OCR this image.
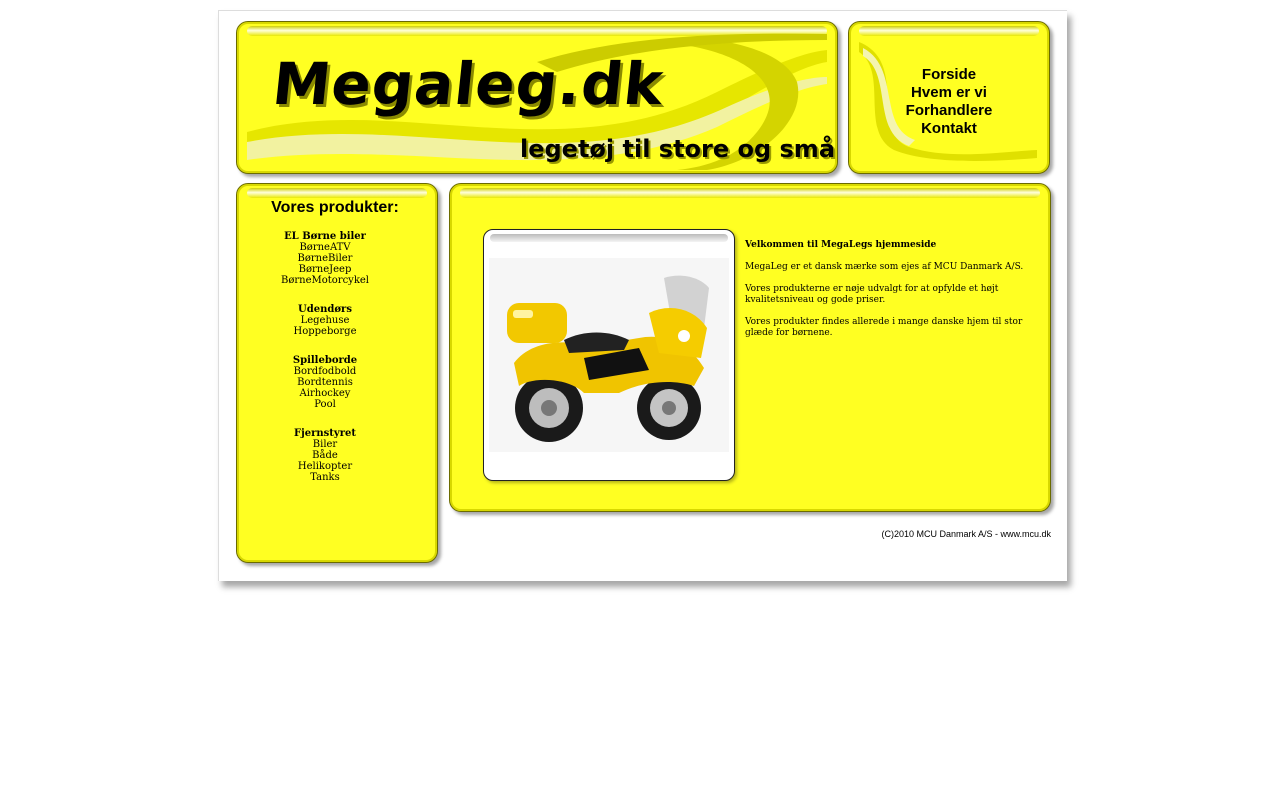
Megaleg.dk
legetøj til store og små
Forside
Hvem er vi
Forhandlere
Kontakt
Vores produkter:
EL Børne biler
BørneATV
BørneBiler
BørneJeep
BørneMotorcykel
Udendørs
Legehuse
Hoppeborge
Spilleborde
Bordfodbold
Bordtennis
Airhockey
Pool
Fjernstyret
Biler
Både
Helikopter
Tanks

Velkommen til MegaLegs hjemmeside

MegaLeg er et dansk mærke som ejes af MCU Danmark A/S.

Vores produkterne er nøje udvalgt for at opfylde et højt kvalitetsniveau og gode priser.

Vores produkter findes allerede i mange danske hjem til stor glæde for børnene.

(C)2010 MCU Danmark A/S - www.mcu.dk
